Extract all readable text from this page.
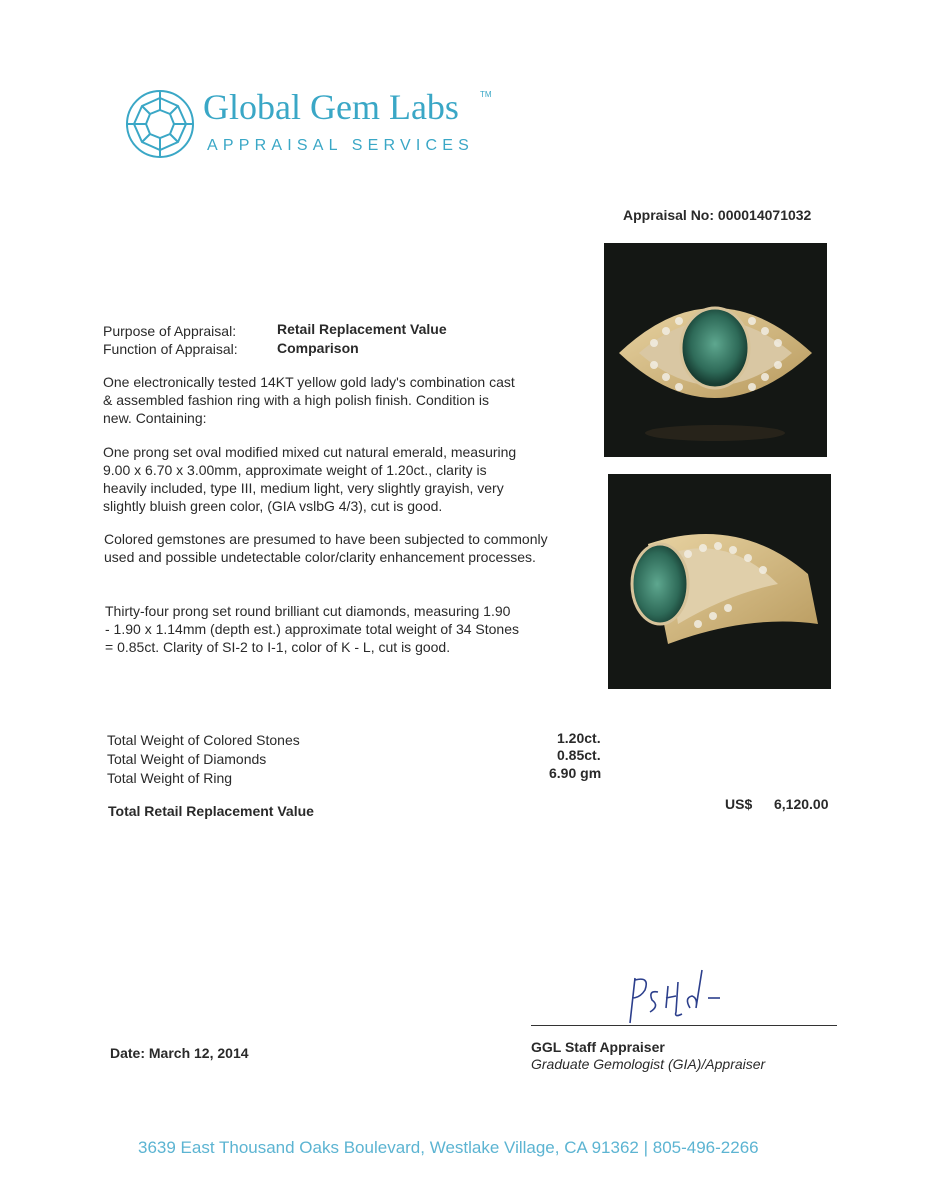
Global Gem Labs	TM
APPRAISAL SERVICES
Appraisal No: 000014071032
Purpose of Appraisal:	Retail Replacement Value
Function of Appraisal:	Comparison
One electronically tested 14KT yellow gold lady's combination cast
& assembled fashion ring with a high polish finish. Condition is
new. Containing:
One prong set oval modified mixed cut natural emerald, measuring
9.00 x 6.70 x 3.00mm, approximate weight of 1.20ct., clarity is
heavily included, type III, medium light, very slightly grayish, very
slightly bluish green color, (GIA vslbG 4/3), cut is good.
Colored gemstones are presumed to have been subjected to commonly
used and possible undetectable color/clarity enhancement processes.
Thirty-four prong set round brilliant cut diamonds, measuring 1.90
- 1.90 x 1.14mm (depth est.) approximate total weight of 34 Stones
= 0.85ct. Clarity of SI-2 to I-1, color of K - L, cut is good.
Total Weight of Colored Stones	1.20ct.
Total Weight of Diamonds	0.85ct.
Total Weight of Ring	6.90 gm
Total Retail Replacement Value	US$ 6,120.00
GGL Staff Appraiser
Graduate Gemologist (GIA)/Appraiser
Date: March 12, 2014
3639 East Thousand Oaks Boulevard, Westlake Village, CA 91362 | 805-496-2266
